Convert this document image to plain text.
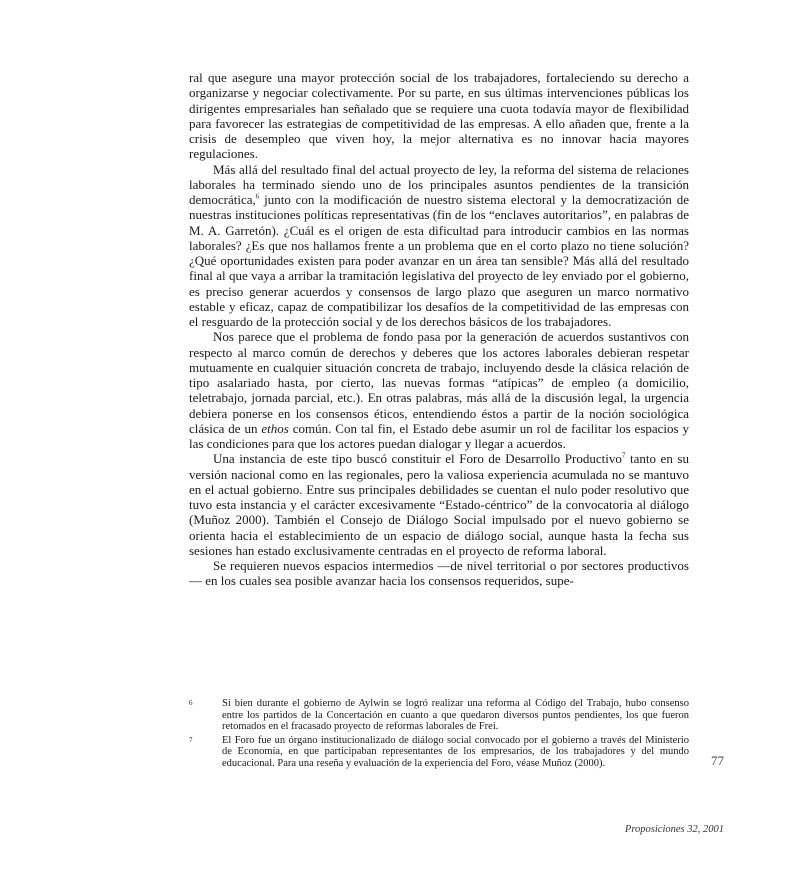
ral que asegure una mayor protección social de los trabajadores, fortaleciendo su derecho a organizarse y negociar colectivamente. Por su parte, en sus últimas intervenciones públicas los dirigentes empresariales han señalado que se requiere una cuota todavía mayor de flexibilidad para favorecer las estrategias de competitividad de las empresas. A ello añaden que, frente a la crisis de desempleo que viven hoy, la mejor alternativa es no innovar hacia mayores regulaciones.

Más allá del resultado final del actual proyecto de ley, la reforma del sistema de relaciones laborales ha terminado siendo uno de los principales asuntos pendientes de la transición democrática,$^6$ junto con la modificación de nuestro sistema electoral y la democratización de nuestras instituciones políticas representativas (fin de los “enclaves autoritarios”, en palabras de M. A. Garretón). ¿Cuál es el origen de esta dificultad para introducir cambios en las normas laborales? ¿Es que nos hallamos frente a un problema que en el corto plazo no tiene solución? ¿Qué oportunidades existen para poder avanzar en un área tan sensible? Más allá del resultado final al que vaya a arribar la tramitación legislativa del proyecto de ley enviado por el gobierno, es preciso generar acuerdos y consensos de largo plazo que aseguren un marco normativo estable y eficaz, capaz de compatibilizar los desafíos de la competitividad de las empresas con el resguardo de la protección social y de los derechos básicos de los trabajadores.

Nos parece que el problema de fondo pasa por la generación de acuerdos sustantivos con respecto al marco común de derechos y deberes que los actores laborales debieran respetar mutuamente en cualquier situación concreta de trabajo, incluyendo desde la clásica relación de tipo asalariado hasta, por cierto, las nuevas formas “atípicas” de empleo (a domicilio, teletrabajo, jornada parcial, etc.). En otras palabras, más allá de la discusión legal, la urgencia debiera ponerse en los consensos éticos, entendiendo éstos a partir de la noción sociológica clásica de un ethos común. Con tal fin, el Estado debe asumir un rol de facilitar los espacios y las condiciones para que los actores puedan dialogar y llegar a acuerdos.

Una instancia de este tipo buscó constituir el Foro de Desarrollo Productivo$^7$ tanto en su versión nacional como en las regionales, pero la valiosa experiencia acumulada no se mantuvo en el actual gobierno. Entre sus principales debilidades se cuentan el nulo poder resolutivo que tuvo esta instancia y el carácter excesivamente “Estado-céntrico” de la convocatoria al diálogo (Muñoz 2000). También el Consejo de Diálogo Social impulsado por el nuevo gobierno se orienta hacia el establecimiento de un espacio de diálogo social, aunque hasta la fecha sus sesiones han estado exclusivamente centradas en el proyecto de reforma laboral.

Se requieren nuevos espacios intermedios —de nivel territorial o por sectores productivos— en los cuales sea posible avanzar hacia los consensos requeridos, supe-

6	Si bien durante el gobierno de Aylwin se logró realizar una reforma al Código del Trabajo, hubo consenso entre los partidos de la Concertación en cuanto a que quedaron diversos puntos pendientes, los que fueron retomados en el fracasado proyecto de reformas laborales de Frei.
7	El Foro fue un órgano institucionalizado de diálogo social convocado por el gobierno a través del Ministerio de Economía, en que participaban representantes de los empresarios, de los trabajadores y del mundo educacional. Para una reseña y evaluación de la experiencia del Foro, véase Muñoz (2000).	77
Proposiciones 32, 2001
